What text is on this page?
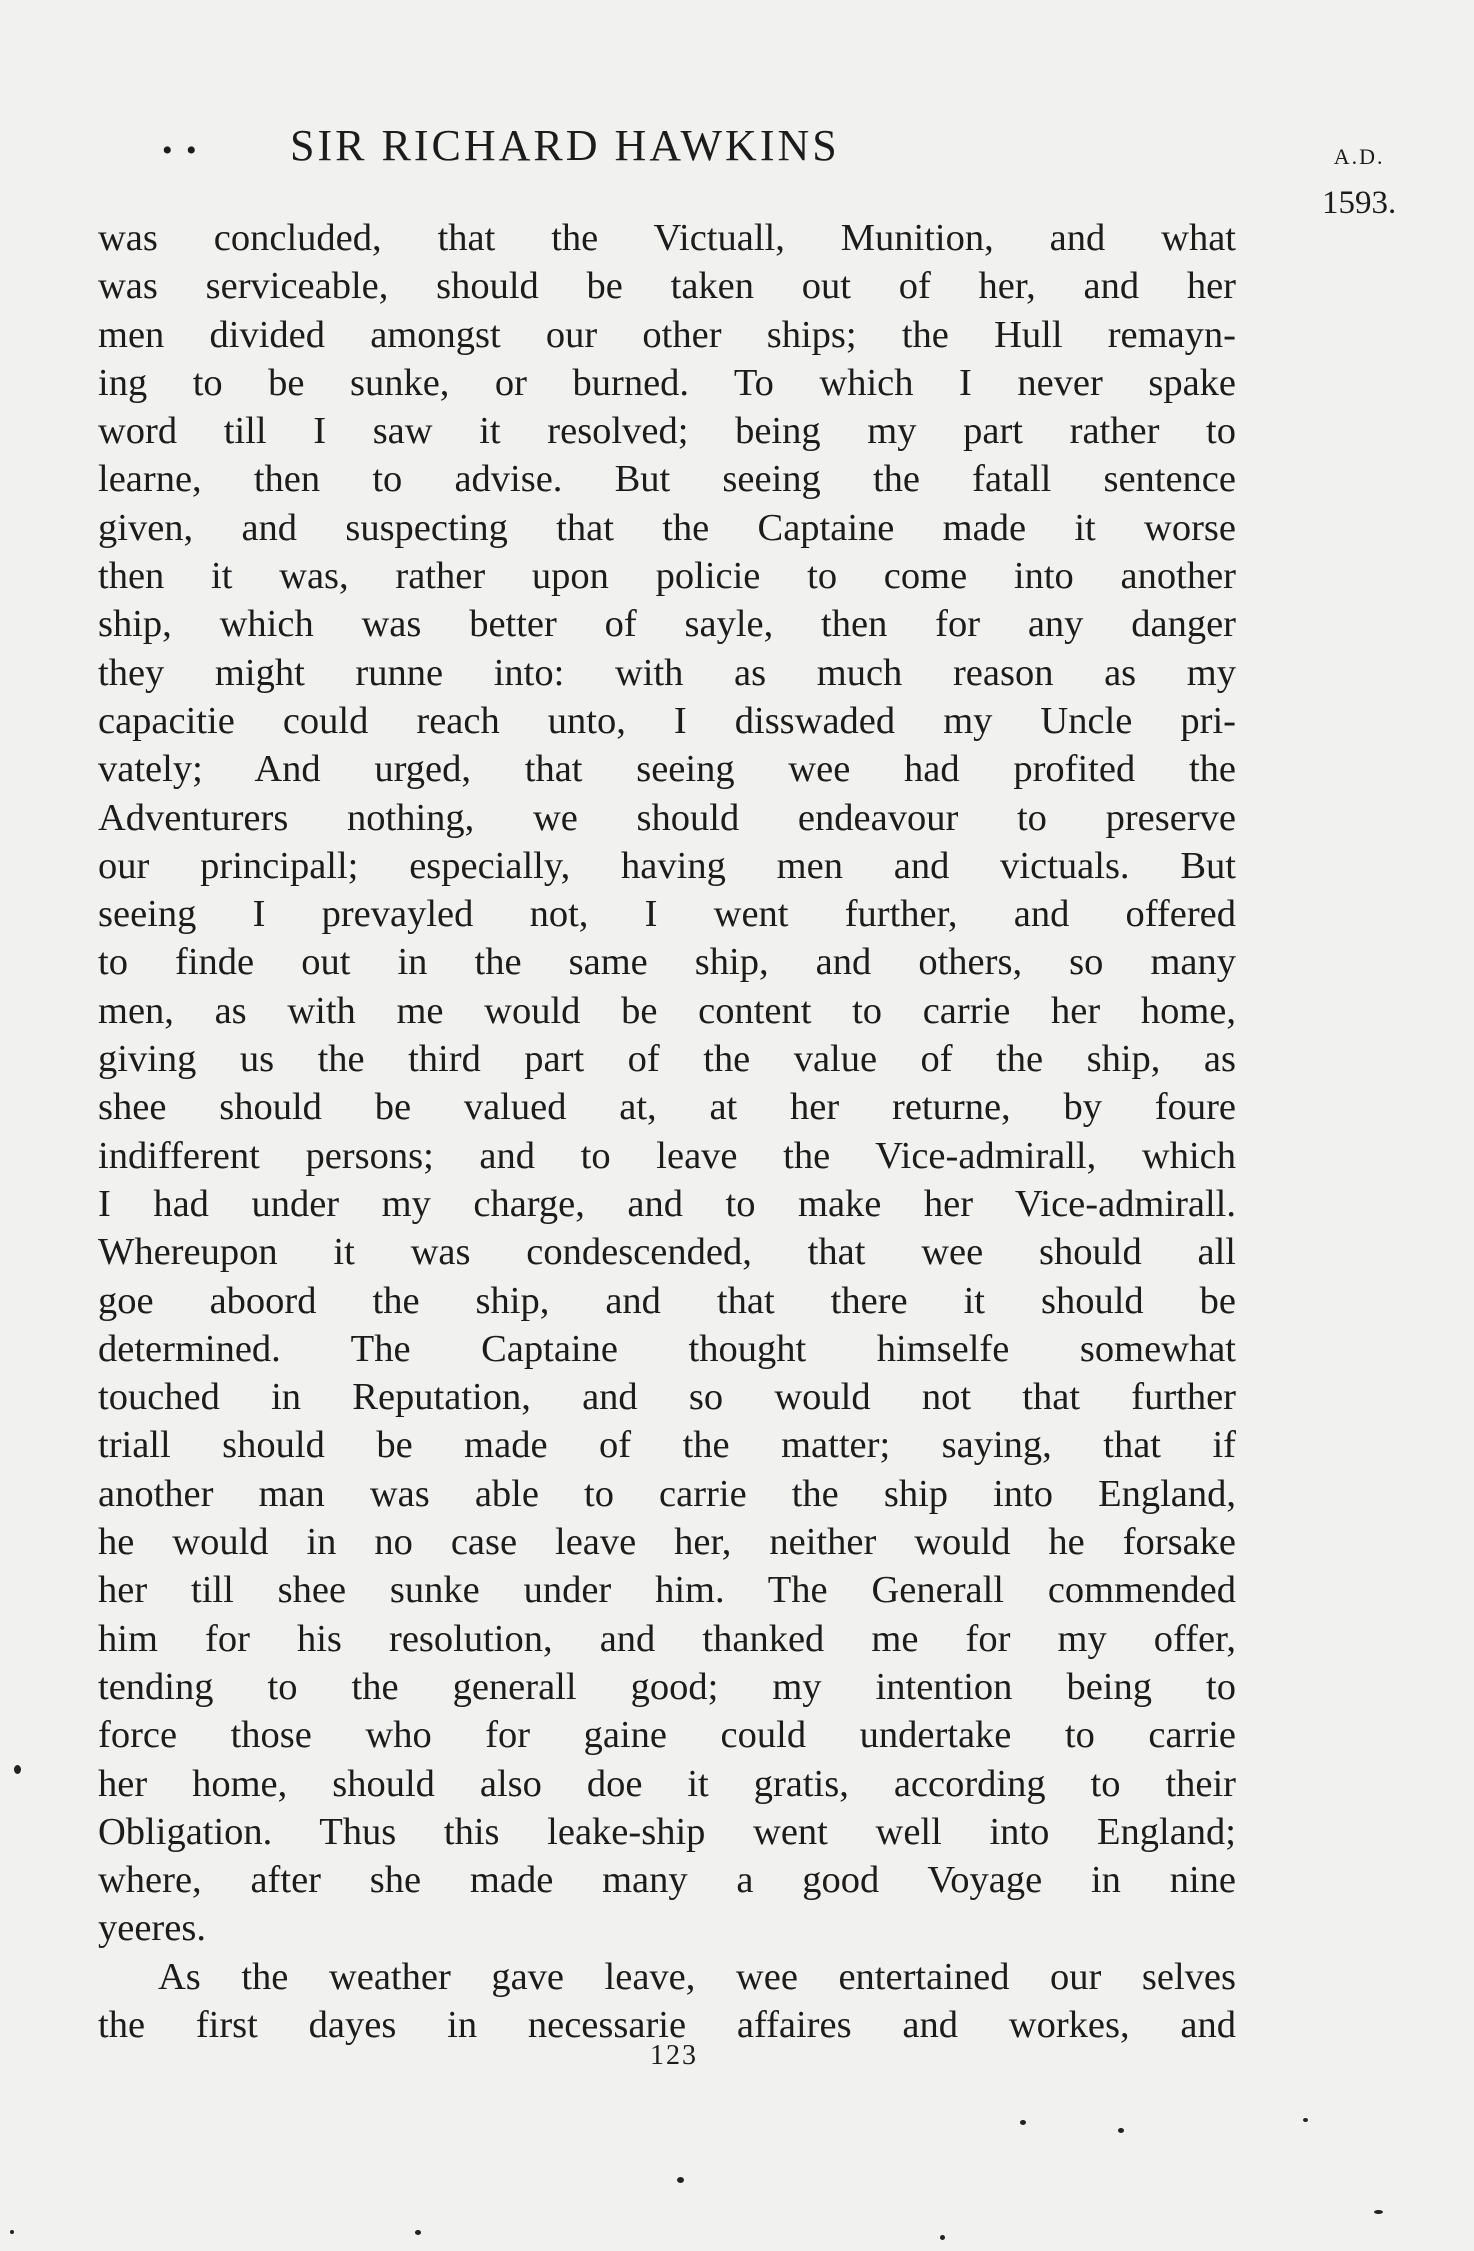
• • SIR RICHARD HAWKINS	A.D.
1593.
was concluded, that the Victuall, Munition, and what
was serviceable, should be taken out of her, and her
men divided amongst our other ships; the Hull remayn-
ing to be sunke, or burned. To which I never spake
word till I saw it resolved; being my part rather to
learne, then to advise. But seeing the fatall sentence
given, and suspecting that the Captaine made it worse
then it was, rather upon policie to come into another
ship, which was better of sayle, then for any danger
they might runne into: with as much reason as my
capacitie could reach unto, I disswaded my Uncle pri-
vately; And urged, that seeing wee had profited the
Adventurers nothing, we should endeavour to preserve
our principall; especially, having men and victuals. But
seeing I prevayled not, I went further, and offered
to finde out in the same ship, and others, so many
men, as with me would be content to carrie her home,
giving us the third part of the value of the ship, as
shee should be valued at, at her returne, by foure
indifferent persons; and to leave the Vice-admirall, which
I had under my charge, and to make her Vice-admirall.
Whereupon it was condescended, that wee should all
goe aboord the ship, and that there it should be
determined. The Captaine thought himselfe somewhat
touched in Reputation, and so would not that further
triall should be made of the matter; saying, that if
another man was able to carrie the ship into England,
he would in no case leave her, neither would he forsake
her till shee sunke under him. The Generall commended
him for his resolution, and thanked me for my offer,
tending to the generall good; my intention being to
force those who for gaine could undertake to carrie
her home, should also doe it gratis, according to their
Obligation. Thus this leake-ship went well into England;
where, after she made many a good Voyage in nine
yeeres.
As the weather gave leave, wee entertained our selves
the first dayes in necessarie affaires and workes, and
123
